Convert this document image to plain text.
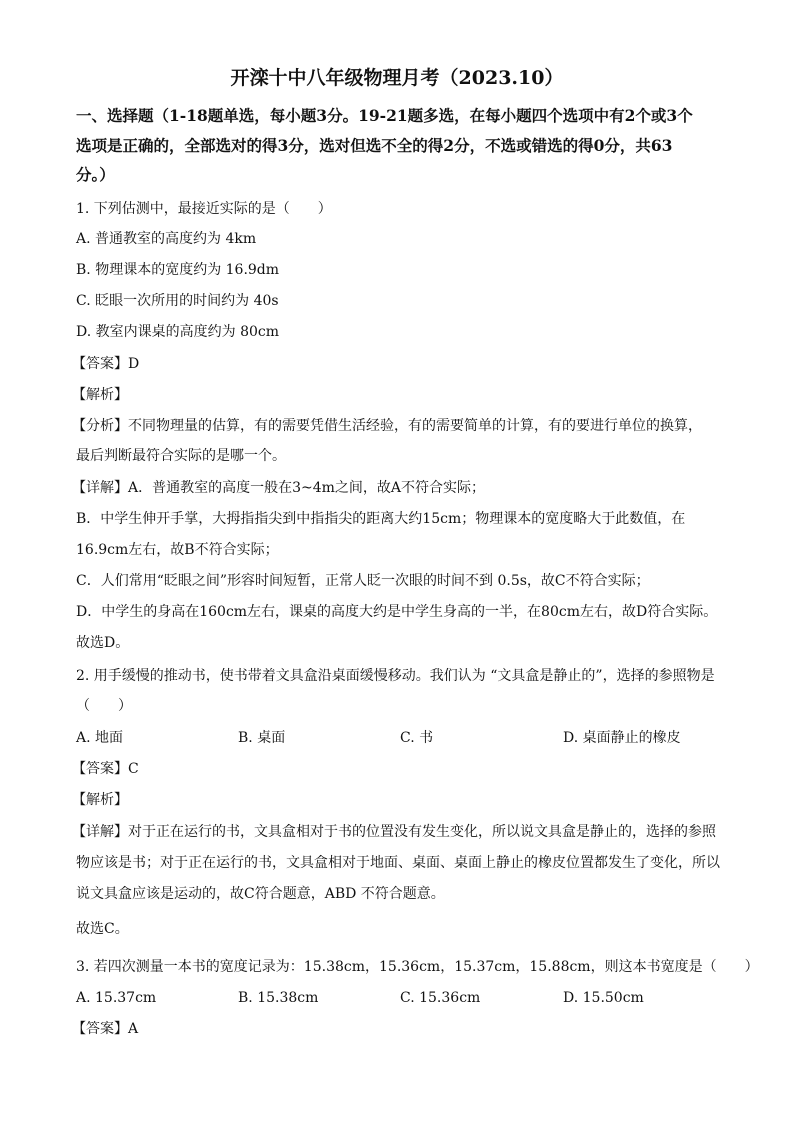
开滦十中八年级物理月考（2023.10）
一、选择题（1-18题单选，每小题3分。19-21题多选，在每小题四个选项中有2个或3个
选项是正确的，全部选对的得3分，选对但选不全的得2分，不选或错选的得0分，共63
分。）
1. 下列估测中，最接近实际的是（　　）
A. 普通教室的高度约为 4km
B. 物理课本的宽度约为 16.9dm
C. 眨眼一次所用的时间约为 40s
D. 教室内课桌的高度约为 80cm
【答案】D
【解析】
【分析】不同物理量的估算，有的需要凭借生活经验，有的需要简单的计算，有的要进行单位的换算，
最后判断最符合实际的是哪一个。
【详解】A．普通教室的高度一般在3~4m之间，故A不符合实际；
B．中学生伸开手掌，大拇指指尖到中指指尖的距离大约15cm；物理课本的宽度略大于此数值，在
16.9cm左右，故B不符合实际；
C．人们常用“眨眼之间”形容时间短暂，正常人眨一次眼的时间不到 0.5s，故C不符合实际；
D．中学生的身高在160cm左右，课桌的高度大约是中学生身高的一半，在80cm左右，故D符合实际。
故选D。
2. 用手缓慢的推动书，使书带着文具盒沿桌面缓慢移动。我们认为 “文具盒是静止的”，选择的参照物是
（　　）
A. 地面	B. 桌面	C. 书	D. 桌面静止的橡皮
【答案】C
【解析】
【详解】对于正在运行的书，文具盒相对于书的位置没有发生变化，所以说文具盒是静止的，选择的参照
物应该是书；对于正在运行的书，文具盒相对于地面、桌面、桌面上静止的橡皮位置都发生了变化，所以
说文具盒应该是运动的，故C符合题意，ABD 不符合题意。
故选C。
3. 若四次测量一本书的宽度记录为：15.38cm，15.36cm，15.37cm，15.88cm，则这本书宽度是（　　）
A. 15.37cm	B. 15.38cm	C. 15.36cm	D. 15.50cm
【答案】A
